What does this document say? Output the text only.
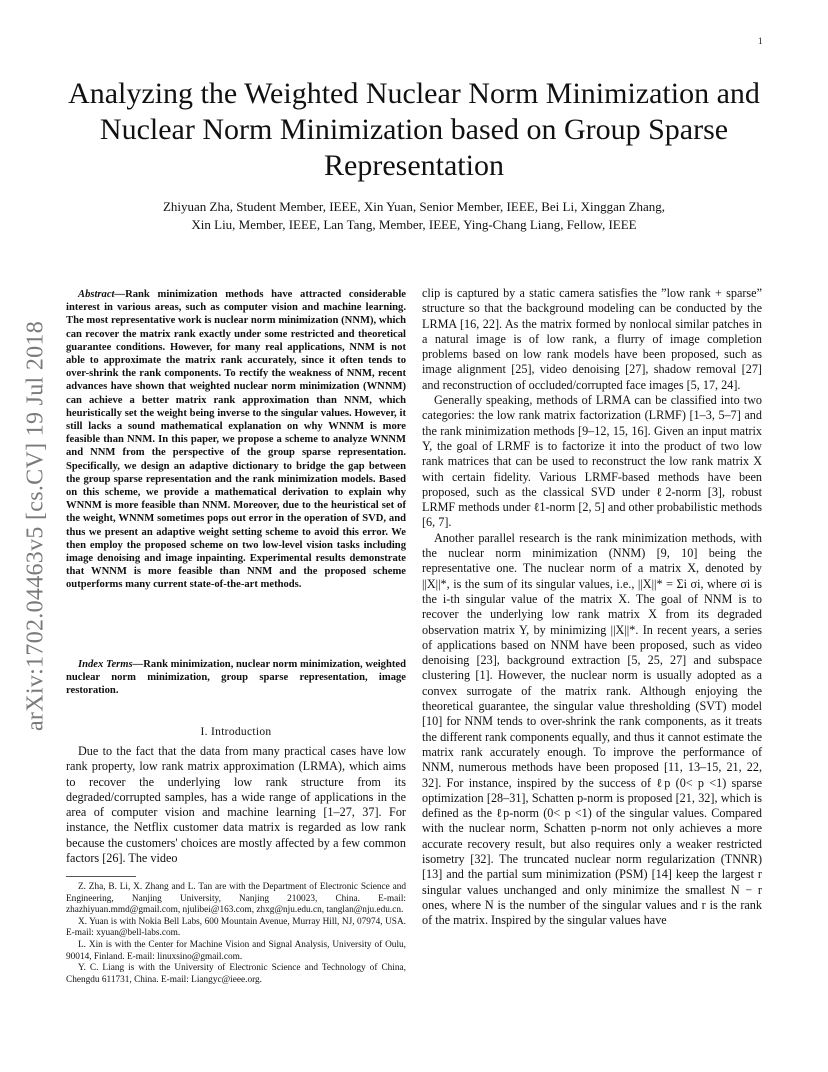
1
arXiv:1702.04463v5 [cs.CV] 19 Jul 2018
Analyzing the Weighted Nuclear Norm Minimization and Nuclear Norm Minimization based on Group Sparse Representation
Zhiyuan Zha, Student Member, IEEE, Xin Yuan, Senior Member, IEEE, Bei Li, Xinggan Zhang,
Xin Liu, Member, IEEE, Lan Tang, Member, IEEE, Ying-Chang Liang, Fellow, IEEE

Abstract—Rank minimization methods have attracted considerable interest in various areas, such as computer vision and machine learning. The most representative work is nuclear norm minimization (NNM), which can recover the matrix rank exactly under some restricted and theoretical guarantee conditions. However, for many real applications, NNM is not able to approximate the matrix rank accurately, since it often tends to over-shrink the rank components. To rectify the weakness of NNM, recent advances have shown that weighted nuclear norm minimization (WNNM) can achieve a better matrix rank approximation than NNM, which heuristically set the weight being inverse to the singular values. However, it still lacks a sound mathematical explanation on why WNNM is more feasible than NNM. In this paper, we propose a scheme to analyze WNNM and NNM from the perspective of the group sparse representation. Specifically, we design an adaptive dictionary to bridge the gap between the group sparse representation and the rank minimization models. Based on this scheme, we provide a mathematical derivation to explain why WNNM is more feasible than NNM. Moreover, due to the heuristical set of the weight, WNNM sometimes pops out error in the operation of SVD, and thus we present an adaptive weight setting scheme to avoid this error. We then employ the proposed scheme on two low-level vision tasks including image denoising and image inpainting. Experimental results demonstrate that WNNM is more feasible than NNM and the proposed scheme outperforms many current state-of-the-art methods.

Index Terms—Rank minimization, nuclear norm minimization, weighted nuclear norm minimization, group sparse representation, image restoration.

I. Introduction

Due to the fact that the data from many practical cases have low rank property, low rank matrix approximation (LRMA), which aims to recover the underlying low rank structure from its degraded/corrupted samples, has a wide range of applications in the area of computer vision and machine learning [1–27, 37]. For instance, the Netflix customer data matrix is regarded as low rank because the customers' choices are mostly affected by a few common factors [26]. The video

Z. Zha, B. Li, X. Zhang and L. Tan are with the Department of Electronic Science and Engineering, Nanjing University, Nanjing 210023, China. E-mail: zhazhiyuan.mmd@gmail.com, njulibei@163.com, zhxg@nju.edu.cn, tanglan@nju.edu.cn.

X. Yuan is with Nokia Bell Labs, 600 Mountain Avenue, Murray Hill, NJ, 07974, USA. E-mail: xyuan@bell-labs.com.

L. Xin is with the Center for Machine Vision and Signal Analysis, University of Oulu, 90014, Finland. E-mail: linuxsino@gmail.com.

Y. C. Liang is with the University of Electronic Science and Technology of China, Chengdu 611731, China. E-mail: Liangyc@ieee.org.

clip is captured by a static camera satisfies the ”low rank + sparse” structure so that the background modeling can be conducted by the LRMA [16, 22]. As the matrix formed by nonlocal similar patches in a natural image is of low rank, a flurry of image completion problems based on low rank models have been proposed, such as image alignment [25], video denoising [27], shadow removal [27] and reconstruction of occluded/corrupted face images [5, 17, 24].

Generally speaking, methods of LRMA can be classified into two categories: the low rank matrix factorization (LRMF) [1–3, 5–7] and the rank minimization methods [9–12, 15, 16]. Given an input matrix Y, the goal of LRMF is to factorize it into the product of two low rank matrices that can be used to reconstruct the low rank matrix X with certain fidelity. Various LRMF-based methods have been proposed, such as the classical SVD under ℓ2-norm [3], robust LRMF methods under ℓ1-norm [2, 5] and other probabilistic methods [6, 7].

Another parallel research is the rank minimization methods, with the nuclear norm minimization (NNM) [9, 10] being the representative one. The nuclear norm of a matrix X, denoted by ||X||*, is the sum of its singular values, i.e., ||X||* = Σi σi, where σi is the i-th singular value of the matrix X. The goal of NNM is to recover the underlying low rank matrix X from its degraded observation matrix Y, by minimizing ||X||*. In recent years, a series of applications based on NNM have been proposed, such as video denoising [23], background extraction [5, 25, 27] and subspace clustering [1]. However, the nuclear norm is usually adopted as a convex surrogate of the matrix rank. Although enjoying the theoretical guarantee, the singular value thresholding (SVT) model [10] for NNM tends to over-shrink the rank components, as it treats the different rank components equally, and thus it cannot estimate the matrix rank accurately enough. To improve the performance of NNM, numerous methods have been proposed [11, 13–15, 21, 22, 32]. For instance, inspired by the success of ℓp (0< p <1) sparse optimization [28–31], Schatten p-norm is proposed [21, 32], which is defined as the ℓp-norm (0< p <1) of the singular values. Compared with the nuclear norm, Schatten p-norm not only achieves a more accurate recovery result, but also requires only a weaker restricted isometry [32]. The truncated nuclear norm regularization (TNNR) [13] and the partial sum minimization (PSM) [14] keep the largest r singular values unchanged and only minimize the smallest N − r ones, where N is the number of the singular values and r is the rank of the matrix. Inspired by the singular values have
